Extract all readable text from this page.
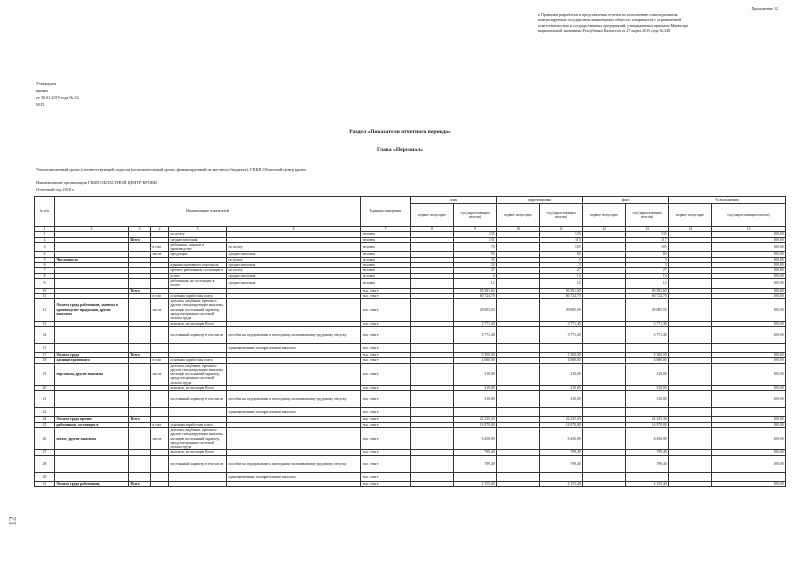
Приложение 12
к Правилам разработки и представления отчетов по исполнению планов развития
контролируемых государством акционерных обществ, товариществ с ограниченной
ответственностью и государственных предприятий, утвержденным приказом Министра
национальной экономики Республики Казахстан от 27 марта 2015 года № 248
Утвержден
приказ
от 30.01.2019 года №.33
М.П.
Раздел «Показатели отчетного периода»
Глава «Персонал»
Уполномоченный орган (соответствующей отрасли (исполнительный орган, финансируемый из местного бюджета): ГККП Областной центр крови
Наименование организации ГККП ОБЛАСТНОЙ ЦЕНТР КРОВИ
Отчетный год 2018 г.
№ п/п	Наименование показателей					Единица измерения	план		корректировка		факт		% выполнения	
							первое полугодие	год (нарастающим итогом)	первое полугодие	год (нарастающим итогом)	первое полугодие	год (нарастающим итогом)	первое полугодие	год (нарастающим итогом)
1	2	3	4	5	6	7	8	9	10	11	12	13	14	15
1				по штату		человек		135		135		135		100,00
2		Всего		среднесписочная		человек		131		113		117		100,00
3			в том	работники, занятые в производстве	по штату	человек		70		105		105		100,00
4			числе	продукции	среднесписочная	человек		93		84		84		100,00
5	Численность				по штату	человек		35		3		3		100,00
6				административного персонала	среднесписочная	человек		20		3		3		100,00
7				прочего работников, состоящих в	по штату	человек		37		27		27		100,00
8				штате	среднесписочная	человек		4		14		14		100,00
9				работников, не состоящих в штате	среднесписочная	человек		12		12		12		100,00
10		Всего				тыс. тенге		93 581,60		93 581,60		93 581,60		100,00
11			в том	основная заработная плата		тыс. тенге		60 724,70		60 724,70		60 724,70		100,00
12	Оплата труда работников, занятых в производстве продукции, другие выплаты		числе	доплаты, надбавки, премии и другие стимулирующие выплаты, носящие постоянный характер, предусмотренные системой оплаты труда		тыс. тенге		29 085,50		29 085,50		29 085,50		100,00
13				выплаты, не носящие Всего		тыс. тенге		3 771,40		3 771,40		3 771,40		100,00
14				постоянный характер в том числе	пособие на оздоровление к ежегодному оплачиваемому трудовому отпуску	тыс. тенге		3 771,40		3 771,40		3 771,40		100,00
15					единовременные поощрительные выплаты	тыс. тенге								
17	Оплата труда	Всего				тыс. тенге		5 300,00		5 300,00		5 300,00		100,00
18	административного		в том	основная заработная плата		тыс. тенге		4 680,00		4 680,00		4 680,00		100,00
19	персонала, другие выплаты		числе	доплаты, надбавки, премии и другие стимулирующие выплаты, носящие постоянный характер, предусмотренные системой оплаты труда		тыс. тенге		310,00		310,00		310,00		100,00
20				выплаты, не носящие Всего		тыс. тенге		310,00		310,00		310,00		100,00
21				постоянный характер в том числе	пособие на оздоровление к ежегодному оплачиваемому трудовому отпуску	тыс. тенге		310,00		310,00		310,00		100,00
22					единовременные поощрительные выплаты	тыс. тенге								
24	Оплата труда прочих	Всего				тыс. тенге		22 235,30		22 235,30		22 235,30		100,00
25	работников, состоящих в		в том	основная заработная плата		тыс. тенге		14 979,00		14 979,00		14 979,00		100,00
26	штате, другие выплаты		числе	доплаты, надбавки, премии и другие стимулирующие выплаты, носящие постоянный характер, предусмотренные системой оплаты труда		тыс. тенге		6 456,90		6 456,90		6 456,90		100,00
27				выплаты, не носящие Всего		тыс. тенге		799,40		799,40		799,40		100,00
28				постоянный характер в том числе	пособие на оздоровление к ежегодному оплачиваемому трудовому отпуску	тыс. тенге		799,40		799,40		799,40		100,00
29					единовременные поощрительные выплаты	тыс. тенге								
31	Оплата труда работников,	Всего				тыс. тенге		4 155,40		4 155,40		4 155,40		100,00
12
